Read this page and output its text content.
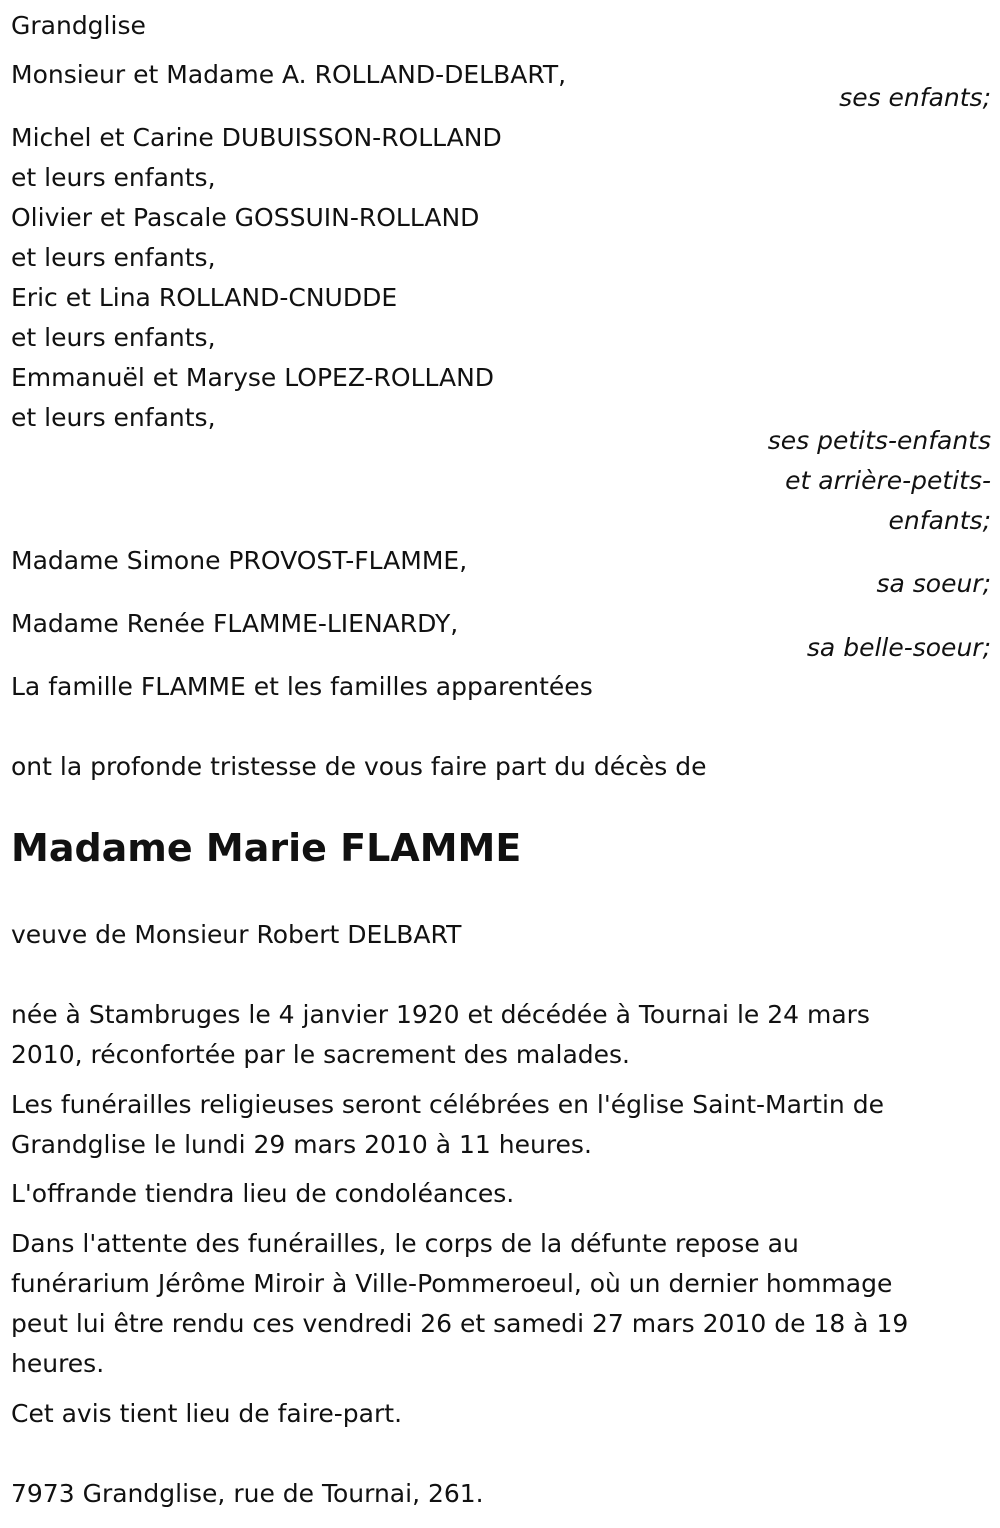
Grandglise
Monsieur et Madame A. ROLLAND-DELBART,
ses enfants;
Michel et Carine DUBUISSON-ROLLAND
et leurs enfants,
Olivier et Pascale GOSSUIN-ROLLAND
et leurs enfants,
Eric et Lina ROLLAND-CNUDDE
et leurs enfants,
Emmanuël et Maryse LOPEZ-ROLLAND
et leurs enfants,
ses petits-enfants
et arrière-petits-
enfants;
Madame Simone PROVOST-FLAMME,
sa soeur;
Madame Renée FLAMME-LIENARDY,
sa belle-soeur;
La famille FLAMME et les familles apparentées
ont la profonde tristesse de vous faire part du décès de
Madame Marie FLAMME
veuve de Monsieur Robert DELBART
née à Stambruges le 4 janvier 1920 et décédée à Tournai le 24 mars
2010, réconfortée par le sacrement des malades.
Les funérailles religieuses seront célébrées en l'église Saint-Martin de
Grandglise le lundi 29 mars 2010 à 11 heures.
L'offrande tiendra lieu de condoléances.
Dans l'attente des funérailles, le corps de la défunte repose au
funérarium Jérôme Miroir à Ville-Pommeroeul, où un dernier hommage
peut lui être rendu ces vendredi 26 et samedi 27 mars 2010 de 18 à 19
heures.
Cet avis tient lieu de faire-part.
7973 Grandglise, rue de Tournai, 261.
